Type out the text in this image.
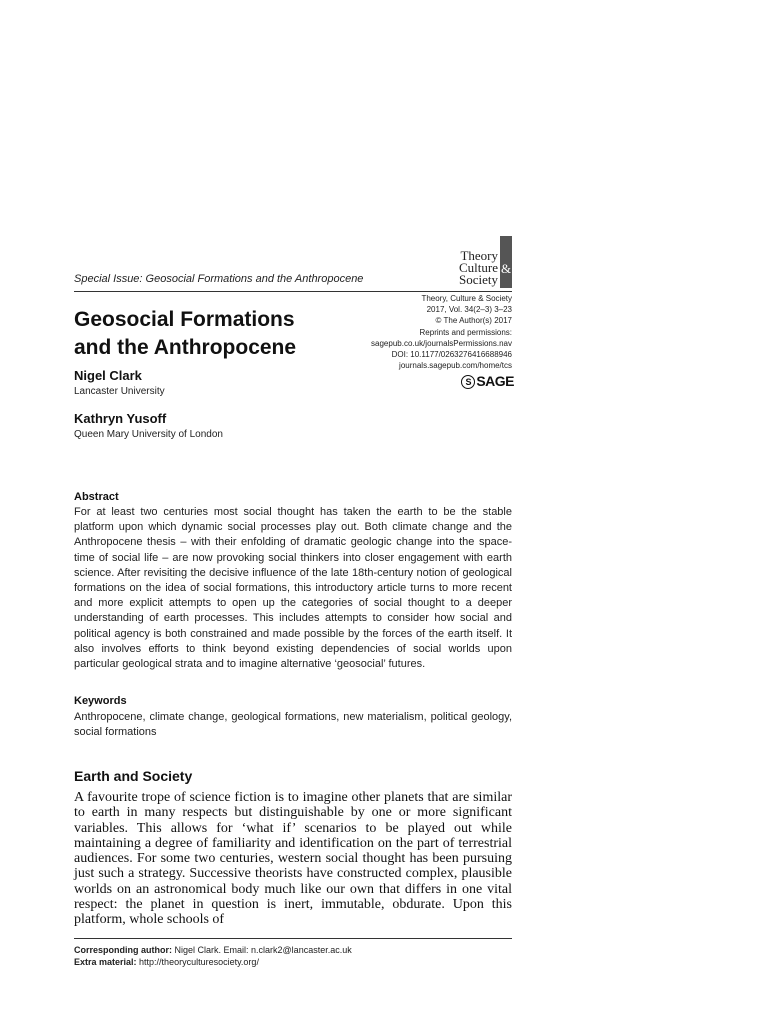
Theory
Culture
Society
&
Special Issue: Geosocial Formations and the Anthropocene
Geosocial Formations
and the Anthropocene
Theory, Culture & Society
2017, Vol. 34(2–3) 3–23
© The Author(s) 2017
Reprints and permissions:
sagepub.co.uk/journalsPermissions.nav
DOI: 10.1177/0263276416688946
journals.sagepub.com/home/tcs
S SAGE
Nigel Clark
Lancaster University
Kathryn Yusoff
Queen Mary University of London
Abstract
For at least two centuries most social thought has taken the earth to be the stable platform upon which dynamic social processes play out. Both climate change and the Anthropocene thesis – with their enfolding of dramatic geologic change into the space-time of social life – are now provoking social thinkers into closer engagement with earth science. After revisiting the decisive influence of the late 18th-century notion of geological formations on the idea of social formations, this introductory article turns to more recent and more explicit attempts to open up the categories of social thought to a deeper understanding of earth processes. This includes attempts to consider how social and political agency is both constrained and made possible by the forces of the earth itself. It also involves efforts to think beyond existing dependencies of social worlds upon particular geological strata and to imagine alternative ‘geosocial’ futures.
Keywords
Anthropocene, climate change, geological formations, new materialism, political geology, social formations
Earth and Society
A favourite trope of science fiction is to imagine other planets that are similar to earth in many respects but distinguishable by one or more significant variables. This allows for ‘what if’ scenarios to be played out while maintaining a degree of familiarity and identification on the part of terrestrial audiences. For some two centuries, western social thought has been pursuing just such a strategy. Successive theorists have constructed complex, plausible worlds on an astronomical body much like our own that differs in one vital respect: the planet in question is inert, immutable, obdurate. Upon this platform, whole schools of
Corresponding author: Nigel Clark. Email: n.clark2@lancaster.ac.uk
Extra material: http://theoryculturesociety.org/
